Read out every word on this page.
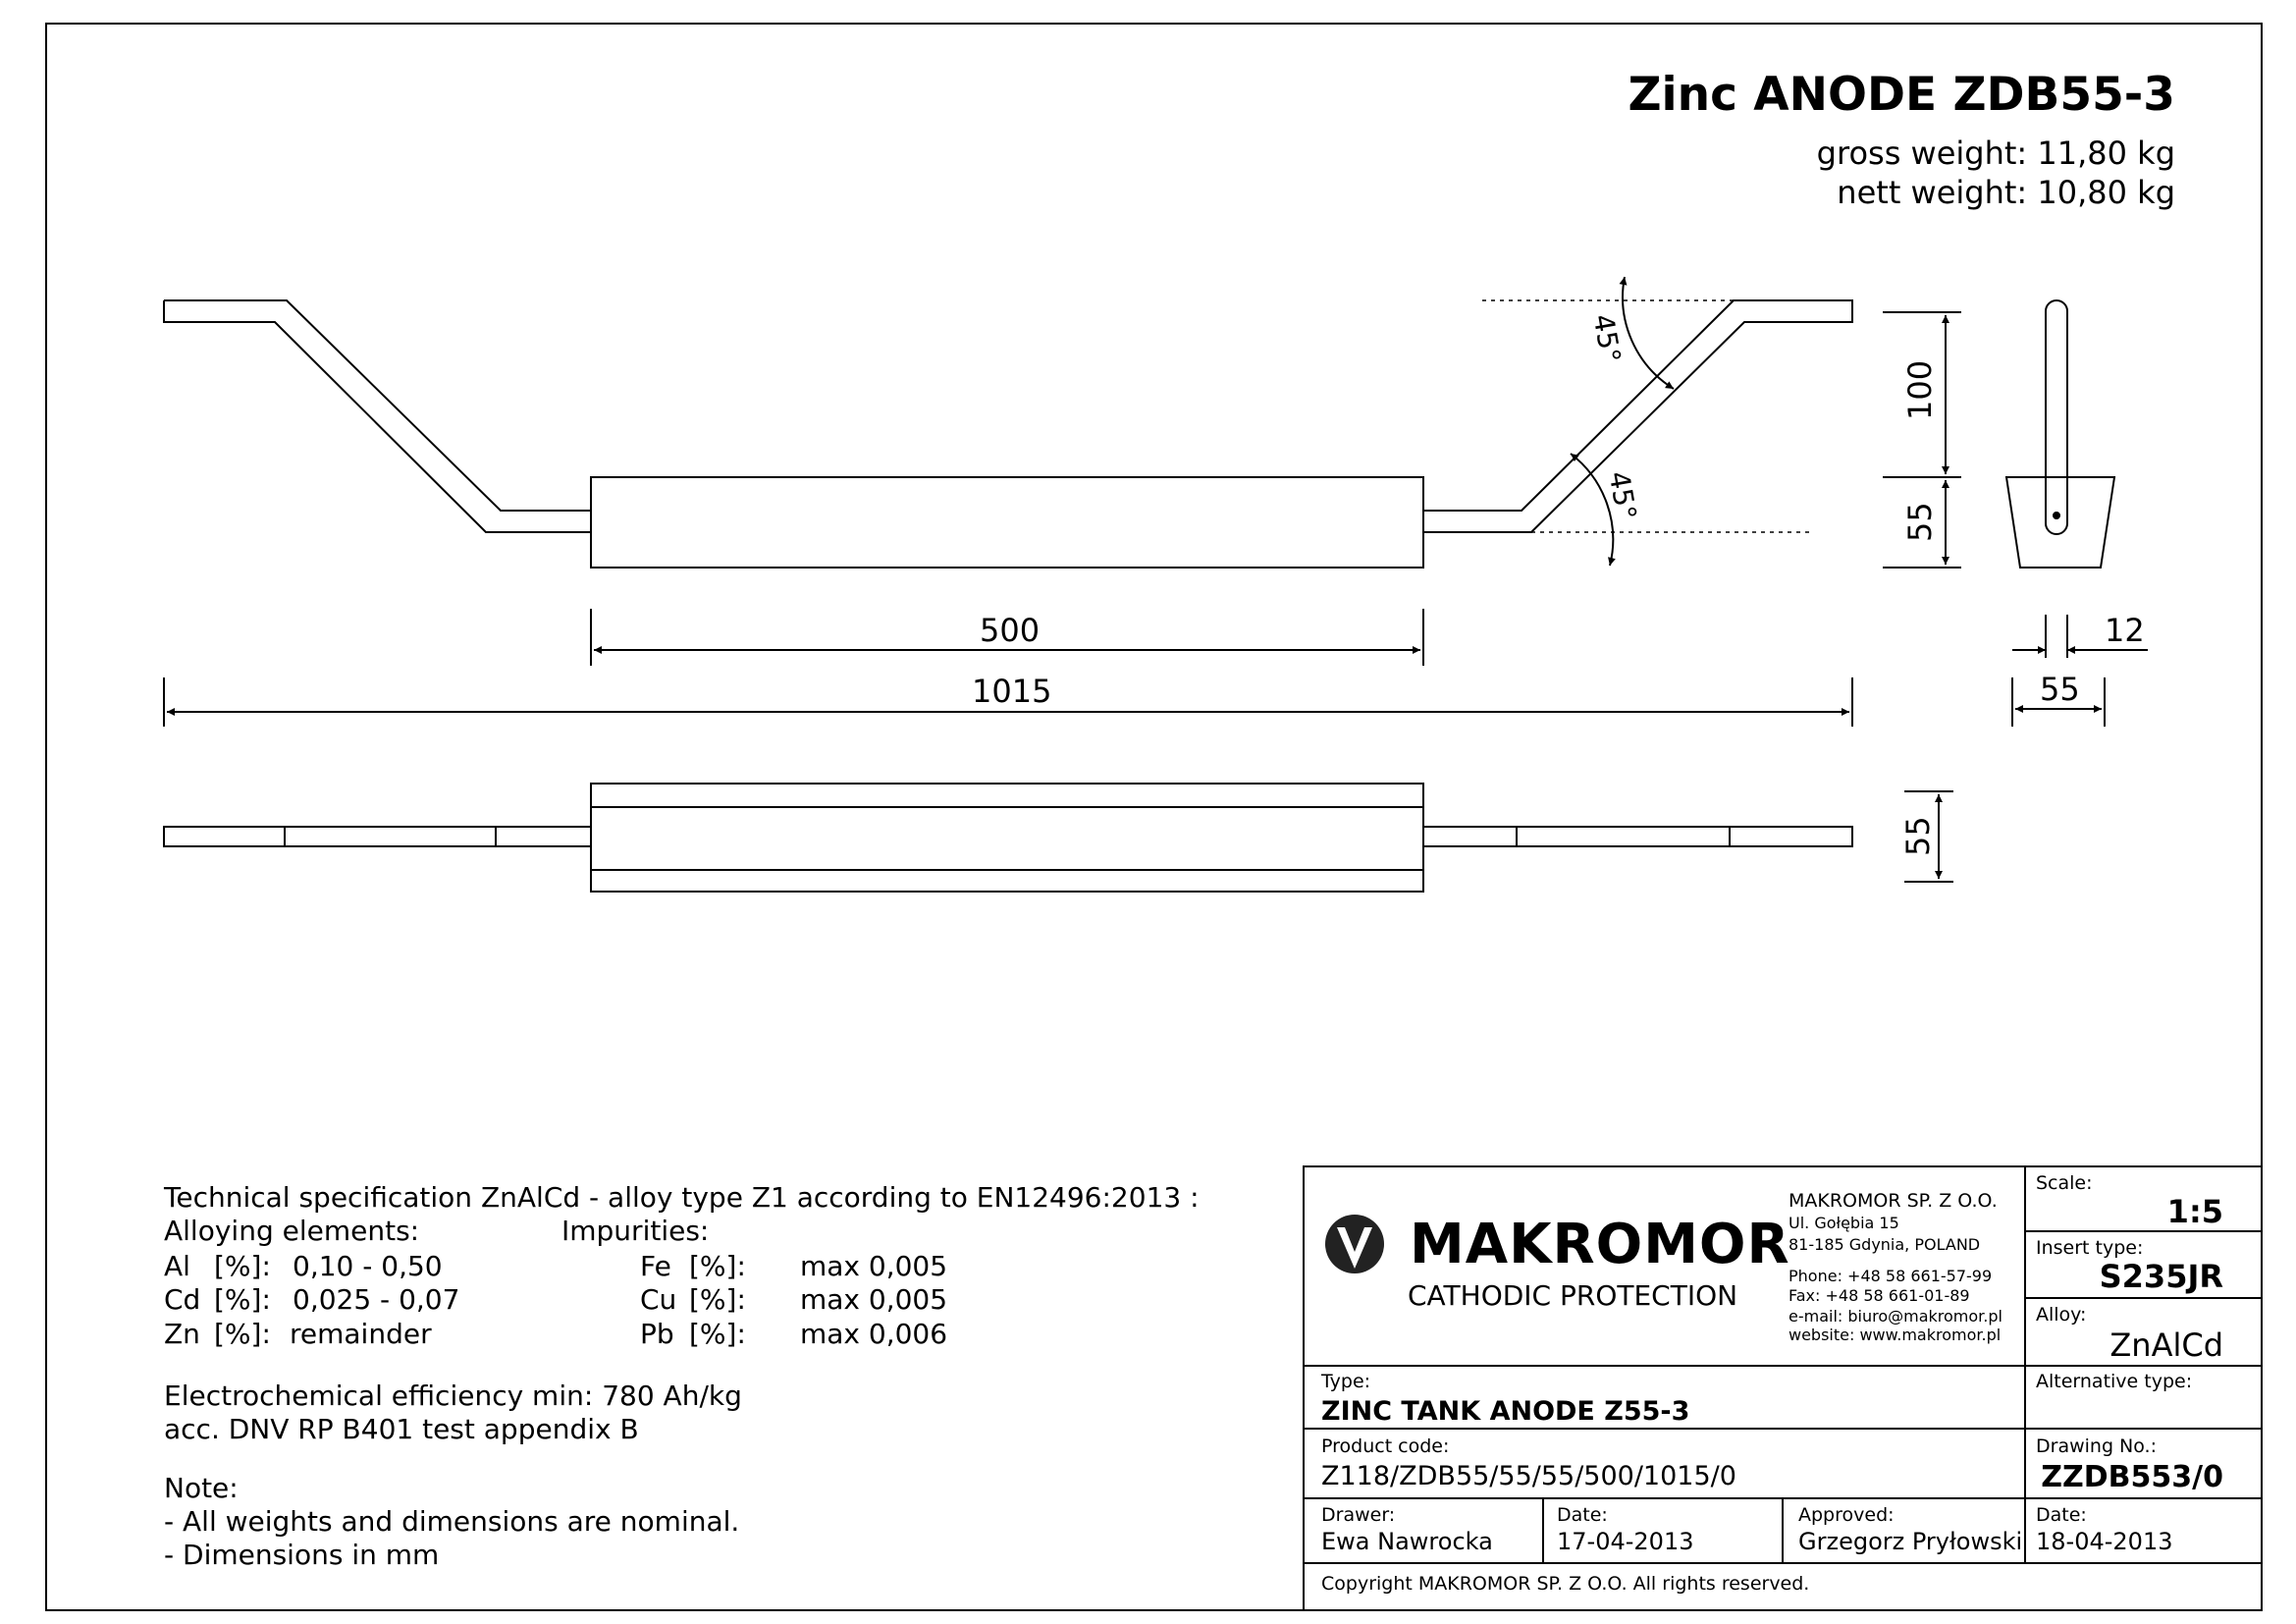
Zinc ANODE ZDB55-3
gross weight: 11,80 kg
nett weight: 10,80 kg
45°
45°
500
1015
100
55
12
55
55
Technical specification ZnAlCd - alloy type Z1 according to EN12496:2013 :
Alloying elements:	Impurities:
Al [%]: 0,10 - 0,50
Cd [%]: 0,025 - 0,07
Zn [%]: remainder
Fe [%]: max 0,005
Cu [%]: max 0,005
Pb [%]: max 0,006
Electrochemical efficiency min: 780 Ah/kg
acc. DNV RP B401 test appendix B
Note:
- All weights and dimensions are nominal.
- Dimensions in mm
MAKROMOR
CATHODIC PROTECTION
MAKROMOR SP. Z O.O.
Ul. Gołębia 15
81-185 Gdynia, POLAND
Phone: +48 58 661-57-99
Fax: +48 58 661-01-89
e-mail: biuro@makromor.pl
website: www.makromor.pl
Scale:
1:5
Insert type:
S235JR
Alloy:
ZnAlCd
Alternative type:
Type:
ZINC TANK ANODE Z55-3
Product code:
Z118/ZDB55/55/55/500/1015/0
Drawing No.:
ZZDB553/0
Drawer:
Ewa Nawrocka
Date:
17-04-2013
Approved:
Grzegorz Pryłowski
Date:
18-04-2013
Copyright MAKROMOR SP. Z O.O. All rights reserved.
